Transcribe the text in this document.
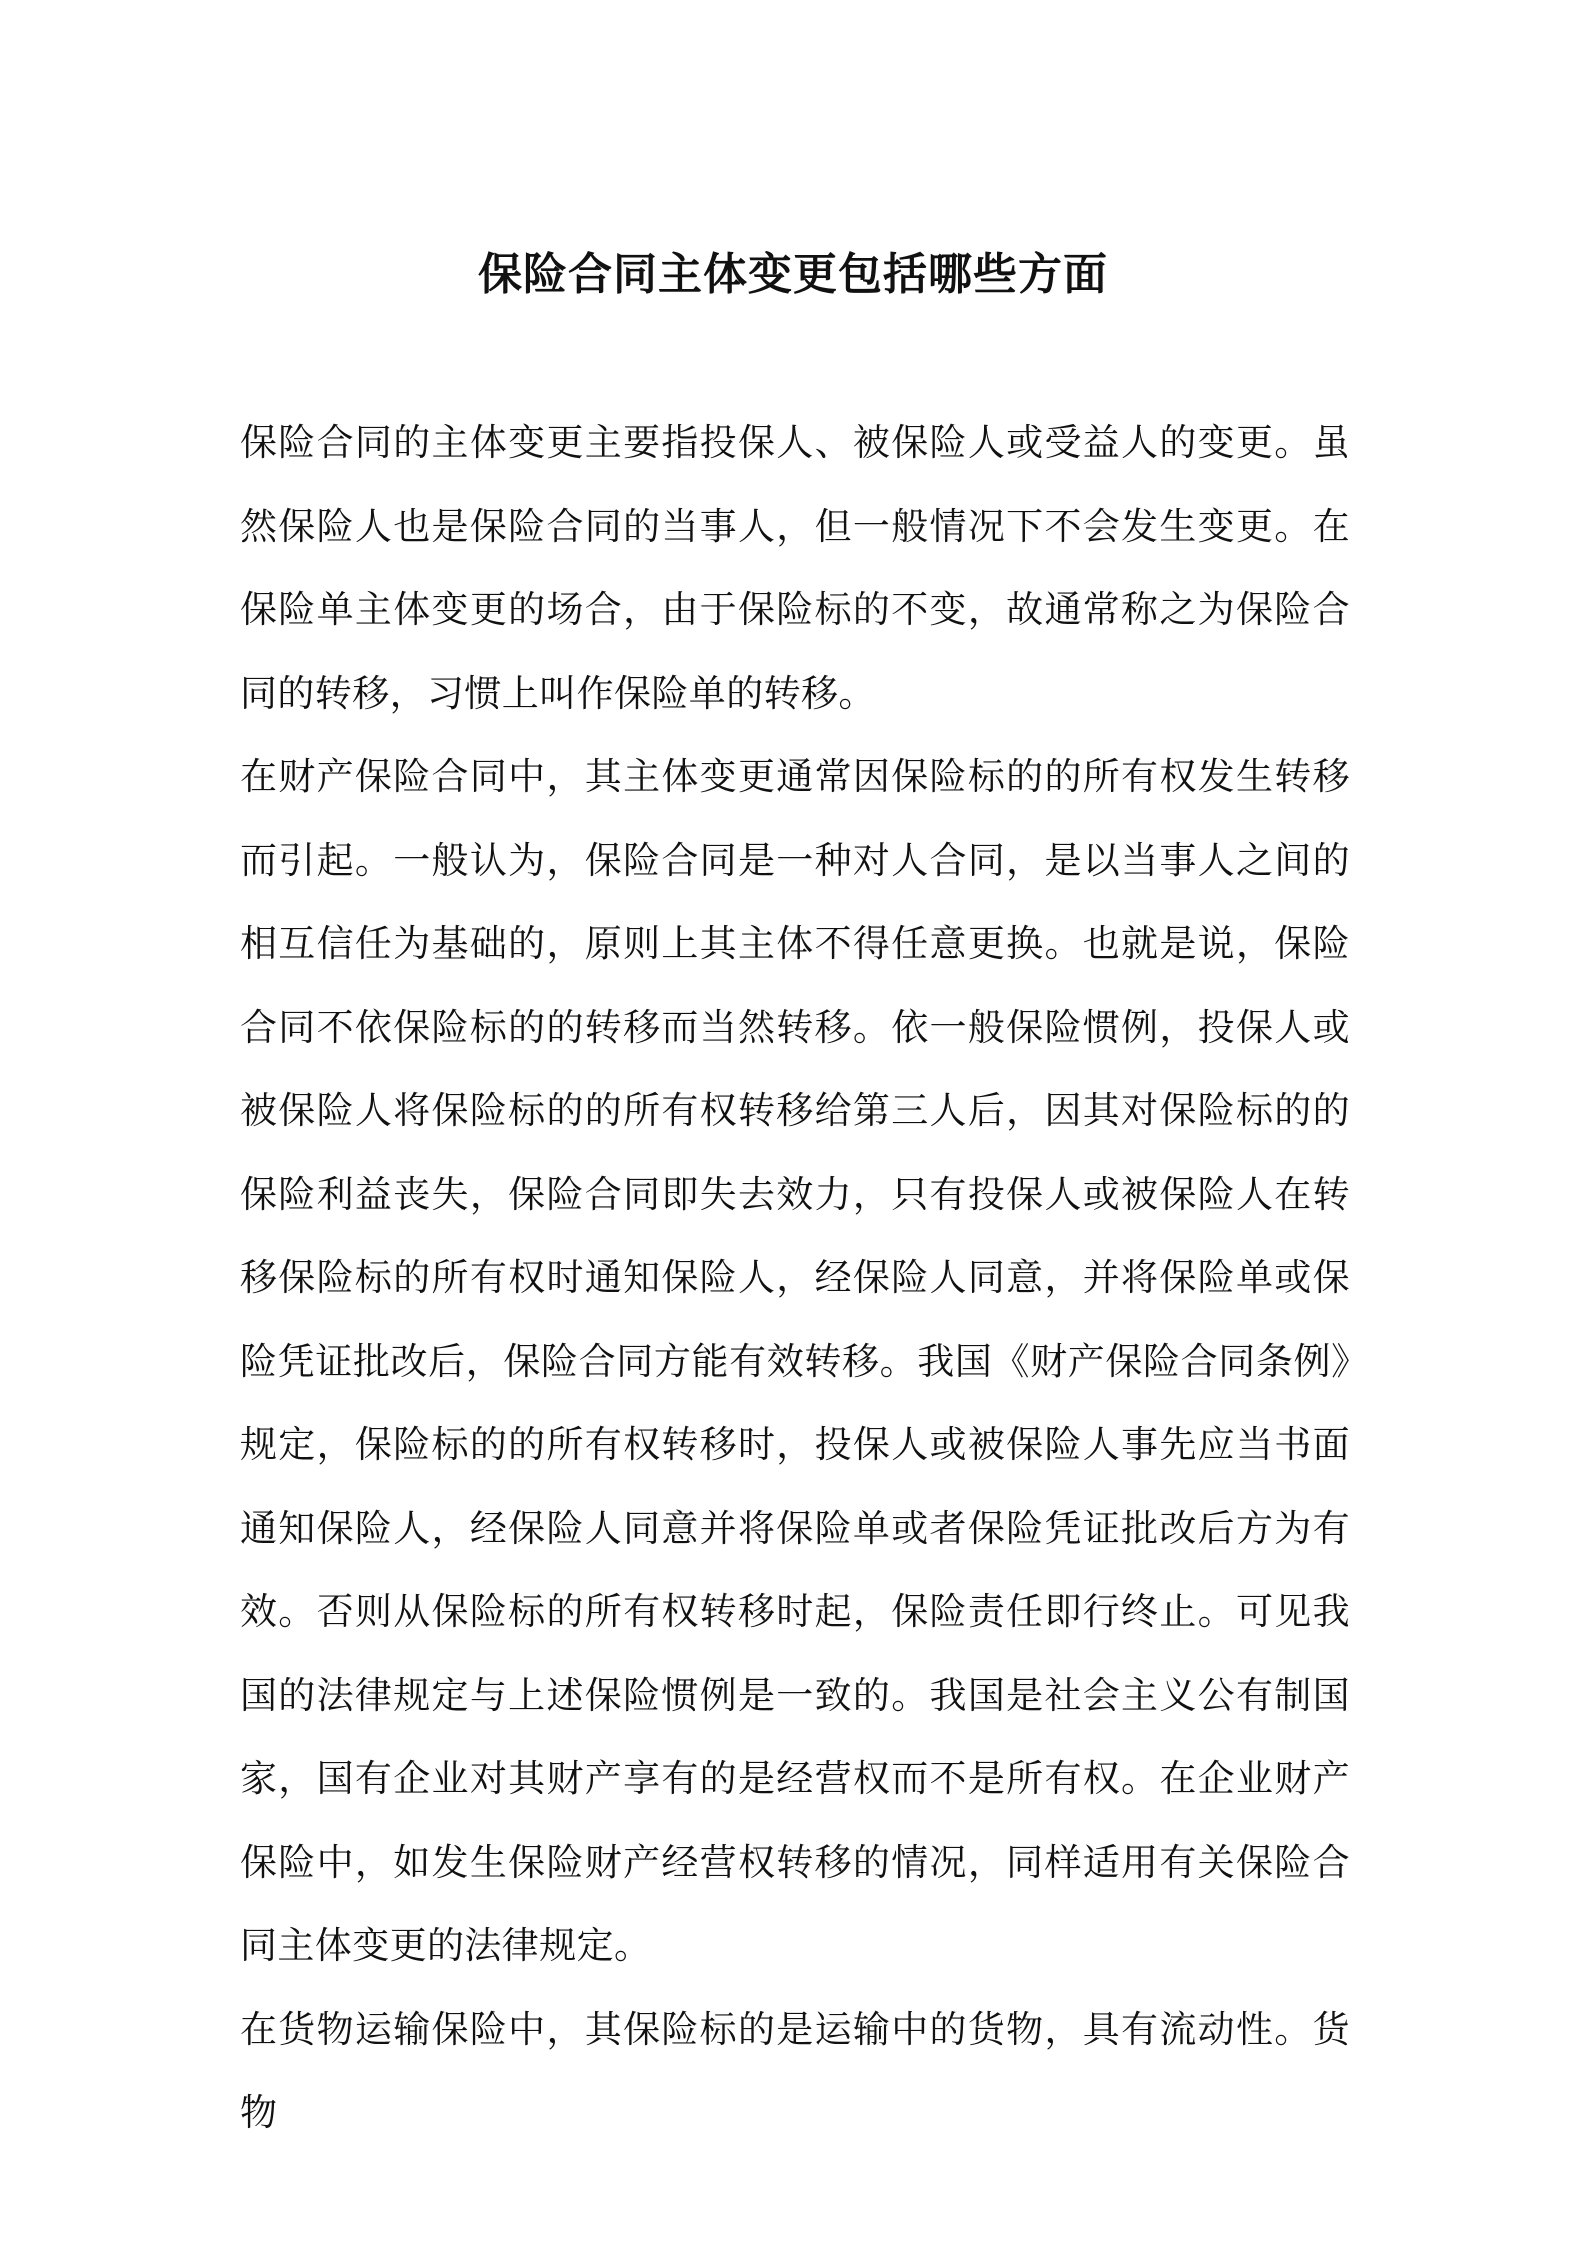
保险合同主体变更包括哪些方面

保险合同的主体变更主要指投保人、被保险人或受益人的变更。虽然保险人也是保险合同的当事人，但一般情况下不会发生变更。在保险单主体变更的场合，由于保险标的不变，故通常称之为保险合同的转移，习惯上叫作保险单的转移。

在财产保险合同中，其主体变更通常因保险标的的所有权发生转移而引起。一般认为，保险合同是一种对人合同，是以当事人之间的相互信任为基础的，原则上其主体不得任意更换。也就是说，保险合同不依保险标的的转移而当然转移。依一般保险惯例，投保人或被保险人将保险标的的所有权转移给第三人后，因其对保险标的的保险利益丧失，保险合同即失去效力，只有投保人或被保险人在转移保险标的所有权时通知保险人，经保险人同意，并将保险单或保险凭证批改后，保险合同方能有效转移。我国《财产保险合同条例》规定，保险标的的所有权转移时，投保人或被保险人事先应当书面通知保险人，经保险人同意并将保险单或者保险凭证批改后方为有效。否则从保险标的所有权转移时起，保险责任即行终止。可见我国的法律规定与上述保险惯例是一致的。我国是社会主义公有制国家，国有企业对其财产享有的是经营权而不是所有权。在企业财产保险中，如发生保险财产经营权转移的情况，同样适用有关保险合同主体变更的法律规定。

在货物运输保险中，其保险标的是运输中的货物，具有流动性。货物
